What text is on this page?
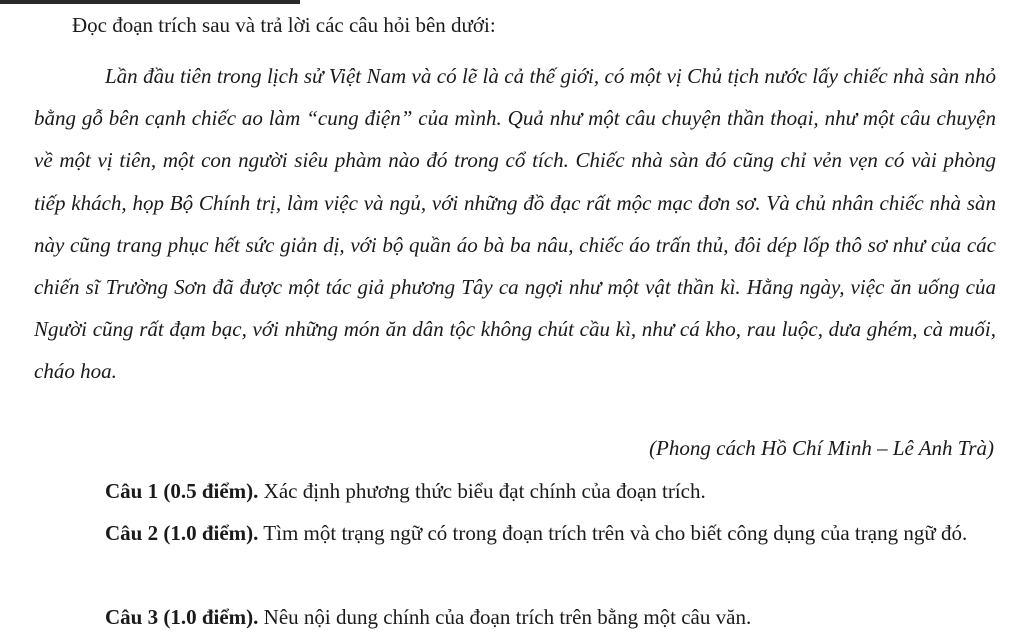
Đọc đoạn trích sau và trả lời các câu hỏi bên dưới:

Lần đầu tiên trong lịch sử Việt Nam và có lẽ là cả thế giới, có một vị Chủ tịch nước lấy chiếc nhà sàn nhỏ bằng gỗ bên cạnh chiếc ao làm “cung điện” của mình. Quả như một câu chuyện thần thoại, như một câu chuyện về một vị tiên, một con người siêu phàm nào đó trong cổ tích. Chiếc nhà sàn đó cũng chỉ vẻn vẹn có vài phòng tiếp khách, họp Bộ Chính trị, làm việc và ngủ, với những đồ đạc rất mộc mạc đơn sơ. Và chủ nhân chiếc nhà sàn này cũng trang phục hết sức giản dị, với bộ quần áo bà ba nâu, chiếc áo trấn thủ, đôi dép lốp thô sơ như của các chiến sĩ Trường Sơn đã được một tác giả phương Tây ca ngợi như một vật thần kì. Hằng ngày, việc ăn uống của Người cũng rất đạm bạc, với những món ăn dân tộc không chút cầu kì, như cá kho, rau luộc, dưa ghém, cà muối, cháo hoa.

(Phong cách Hồ Chí Minh – Lê Anh Trà)

Câu 1 (0.5 điểm). Xác định phương thức biểu đạt chính của đoạn trích.

Câu 2 (1.0 điểm). Tìm một trạng ngữ có trong đoạn trích trên và cho biết công dụng của trạng ngữ đó.

Câu 3 (1.0 điểm). Nêu nội dung chính của đoạn trích trên bằng một câu văn.
